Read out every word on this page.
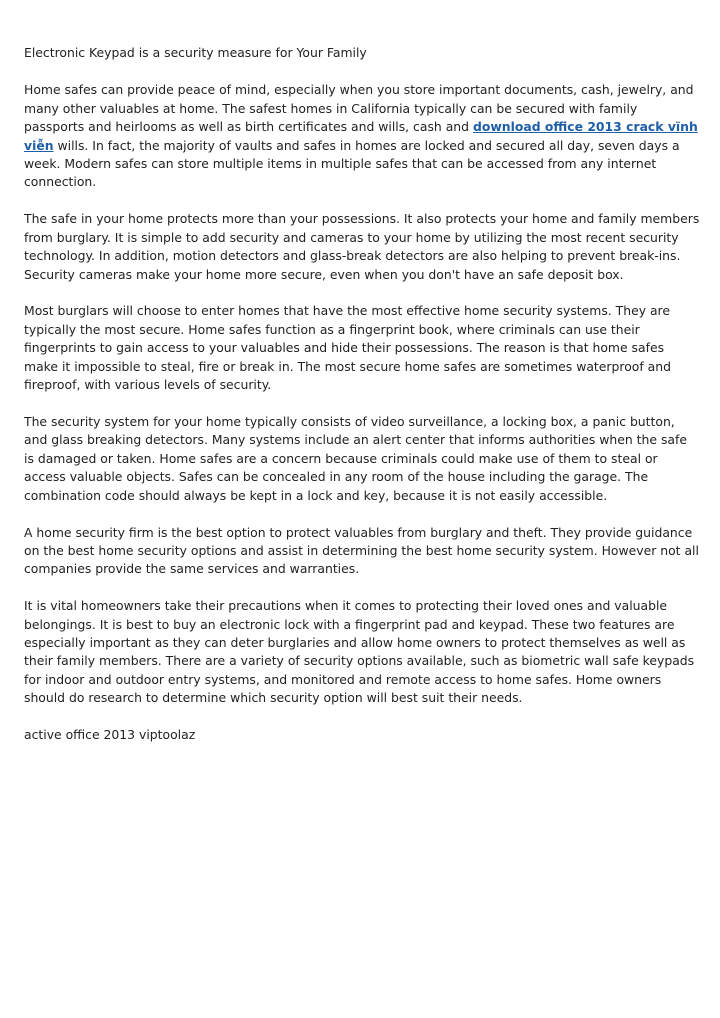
Electronic Keypad is a security measure for Your Family

Home safes can provide peace of mind, especially when you store important documents, cash, jewelry, and many other valuables at home. The safest homes in California typically can be secured with family passports and heirlooms as well as birth certificates and wills, cash and download office 2013 crack vĩnh viễn wills. In fact, the majority of vaults and safes in homes are locked and secured all day, seven days a week. Modern safes can store multiple items in multiple safes that can be accessed from any internet connection.

The safe in your home protects more than your possessions. It also protects your home and family members from burglary. It is simple to add security and cameras to your home by utilizing the most recent security technology. In addition, motion detectors and glass-break detectors are also helping to prevent break-ins. Security cameras make your home more secure, even when you don't have an safe deposit box.

Most burglars will choose to enter homes that have the most effective home security systems. They are typically the most secure. Home safes function as a fingerprint book, where criminals can use their fingerprints to gain access to your valuables and hide their possessions. The reason is that home safes make it impossible to steal, fire or break in. The most secure home safes are sometimes waterproof and fireproof, with various levels of security.

The security system for your home typically consists of video surveillance, a locking box, a panic button, and glass breaking detectors. Many systems include an alert center that informs authorities when the safe is damaged or taken. Home safes are a concern because criminals could make use of them to steal or access valuable objects. Safes can be concealed in any room of the house including the garage. The combination code should always be kept in a lock and key, because it is not easily accessible.

A home security firm is the best option to protect valuables from burglary and theft. They provide guidance on the best home security options and assist in determining the best home security system. However not all companies provide the same services and warranties.

It is vital homeowners take their precautions when it comes to protecting their loved ones and valuable belongings. It is best to buy an electronic lock with a fingerprint pad and keypad. These two features are especially important as they can deter burglaries and allow home owners to protect themselves as well as their family members. There are a variety of security options available, such as biometric wall safe keypads for indoor and outdoor entry systems, and monitored and remote access to home safes. Home owners should do research to determine which security option will best suit their needs.

active office 2013 viptoolaz
